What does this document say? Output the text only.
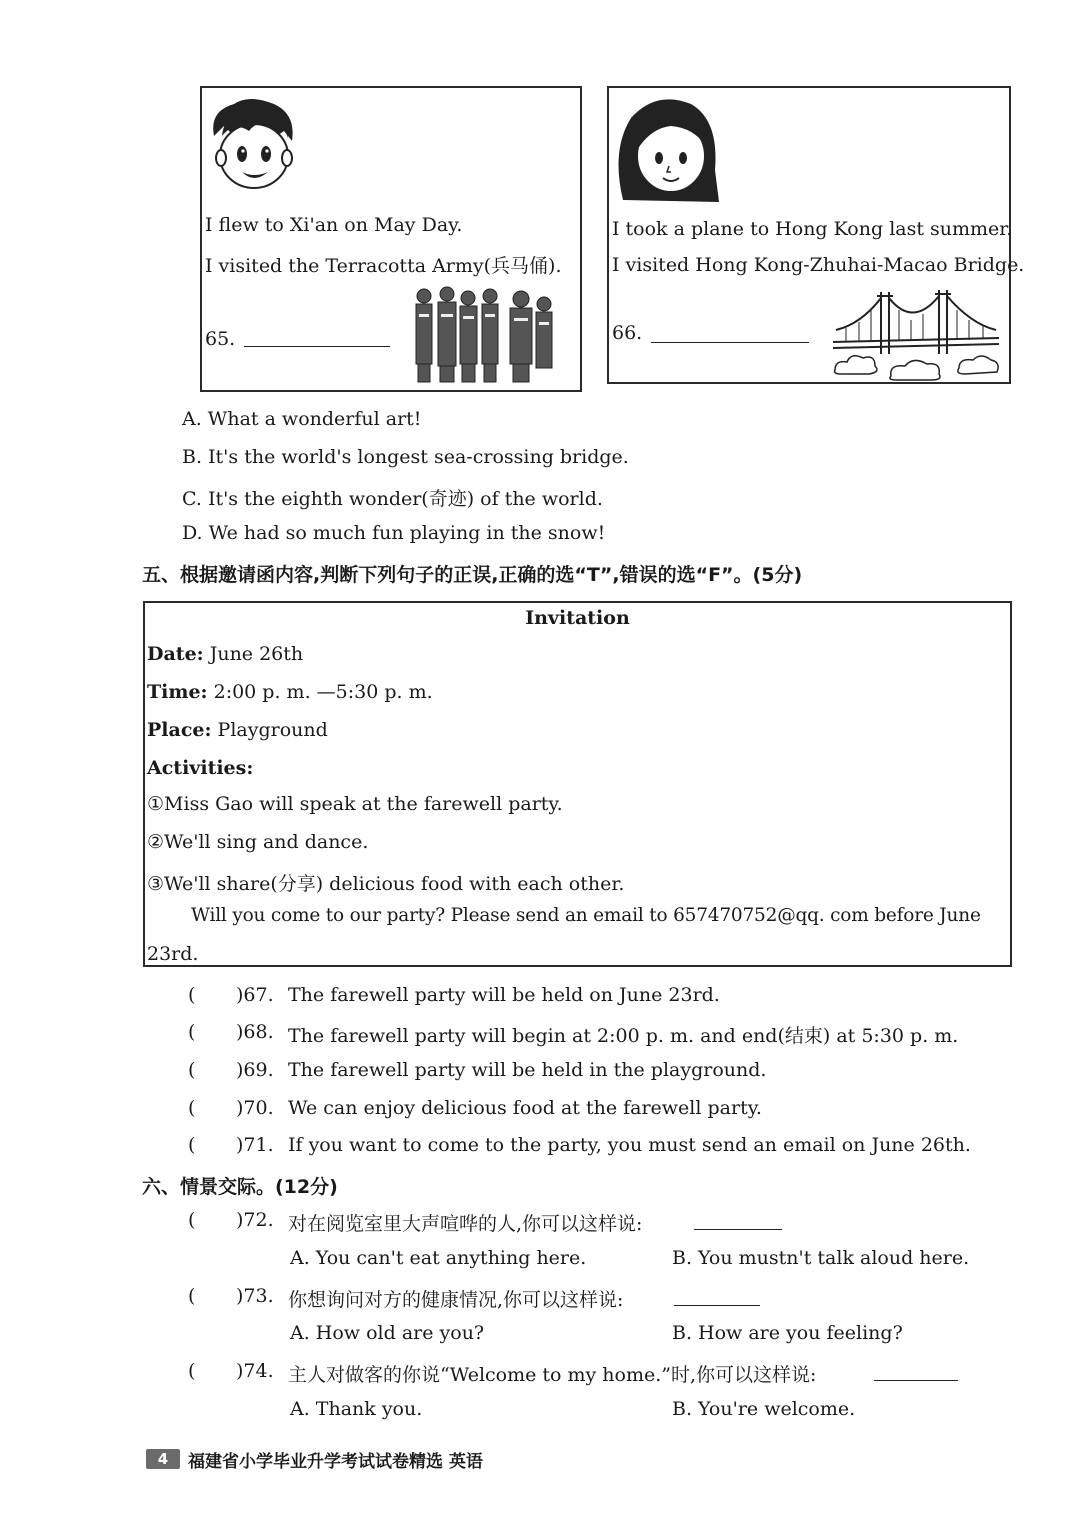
I flew to Xi'an on May Day.
I visited the Terracotta Army(兵马俑).
65.
I took a plane to Hong Kong last summer.
I visited Hong Kong-Zhuhai-Macao Bridge.
66.
A. What a wonderful art!
B. It's the world's longest sea-crossing bridge.
C. It's the eighth wonder(奇迹) of the world.
D. We had so much fun playing in the snow!
五、根据邀请函内容,判断下列句子的正误,正确的选“T”,错误的选“F”。(5分)
Invitation
Date: June 26th
Time: 2:00 p. m. —5:30 p. m.
Place: Playground
Activities:
①Miss Gao will speak at the farewell party.
②We'll sing and dance.
③We'll share(分享) delicious food with each other.
Will you come to our party? Please send an email to 657470752@qq. com before June
23rd.
( )67. The farewell party will be held on June 23rd.
( )68. The farewell party will begin at 2:00 p. m. and end(结束) at 5:30 p. m.
( )69. The farewell party will be held in the playground.
( )70. We can enjoy delicious food at the farewell party.
( )71. If you want to come to the party, you must send an email on June 26th.
六、情景交际。(12分)
( )72. 对在阅览室里大声喧哗的人,你可以这样说:
A. You can't eat anything here.	B. You mustn't talk aloud here.
( )73. 你想询问对方的健康情况,你可以这样说:
A. How old are you?	B. How are you feeling?
( )74. 主人对做客的你说“Welcome to my home.”时,你可以这样说:
A. Thank you.	B. You're welcome.
4	福建省小学毕业升学考试试卷精选 英语
